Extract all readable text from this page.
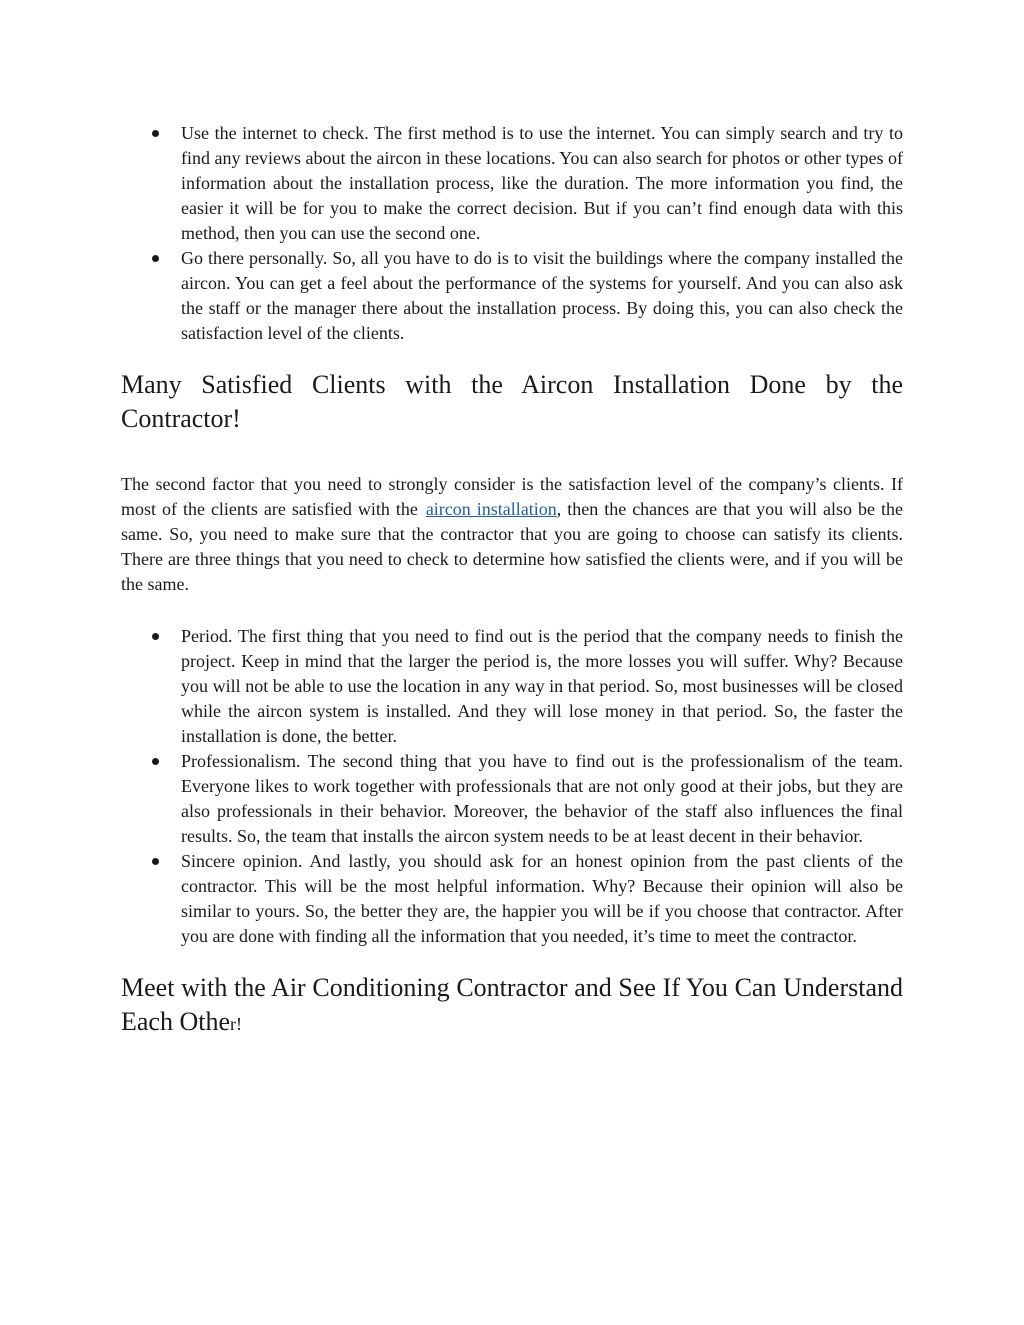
Use the internet to check. The first method is to use the internet. You can simply search and try to find any reviews about the aircon in these locations. You can also search for photos or other types of information about the installation process, like the duration. The more information you find, the easier it will be for you to make the correct decision. But if you can’t find enough data with this method, then you can use the second one.
Go there personally. So, all you have to do is to visit the buildings where the company installed the aircon. You can get a feel about the performance of the systems for yourself. And you can also ask the staff or the manager there about the installation process. By doing this, you can also check the satisfaction level of the clients.
Many Satisfied Clients with the Aircon Installation Done by the Contractor!

The second factor that you need to strongly consider is the satisfaction level of the company’s clients. If most of the clients are satisfied with the aircon installation, then the chances are that you will also be the same. So, you need to make sure that the contractor that you are going to choose can satisfy its clients. There are three things that you need to check to determine how satisfied the clients were, and if you will be the same.

Period. The first thing that you need to find out is the period that the company needs to finish the project. Keep in mind that the larger the period is, the more losses you will suffer. Why? Because you will not be able to use the location in any way in that period. So, most businesses will be closed while the aircon system is installed. And they will lose money in that period. So, the faster the installation is done, the better.
Professionalism. The second thing that you have to find out is the professionalism of the team. Everyone likes to work together with professionals that are not only good at their jobs, but they are also professionals in their behavior. Moreover, the behavior of the staff also influences the final results. So, the team that installs the aircon system needs to be at least decent in their behavior.
Sincere opinion. And lastly, you should ask for an honest opinion from the past clients of the contractor. This will be the most helpful information. Why? Because their opinion will also be similar to yours. So, the better they are, the happier you will be if you choose that contractor. After you are done with finding all the information that you needed, it’s time to meet the contractor.
Meet with the Air Conditioning Contractor and See If You Can Understand Each Other!
